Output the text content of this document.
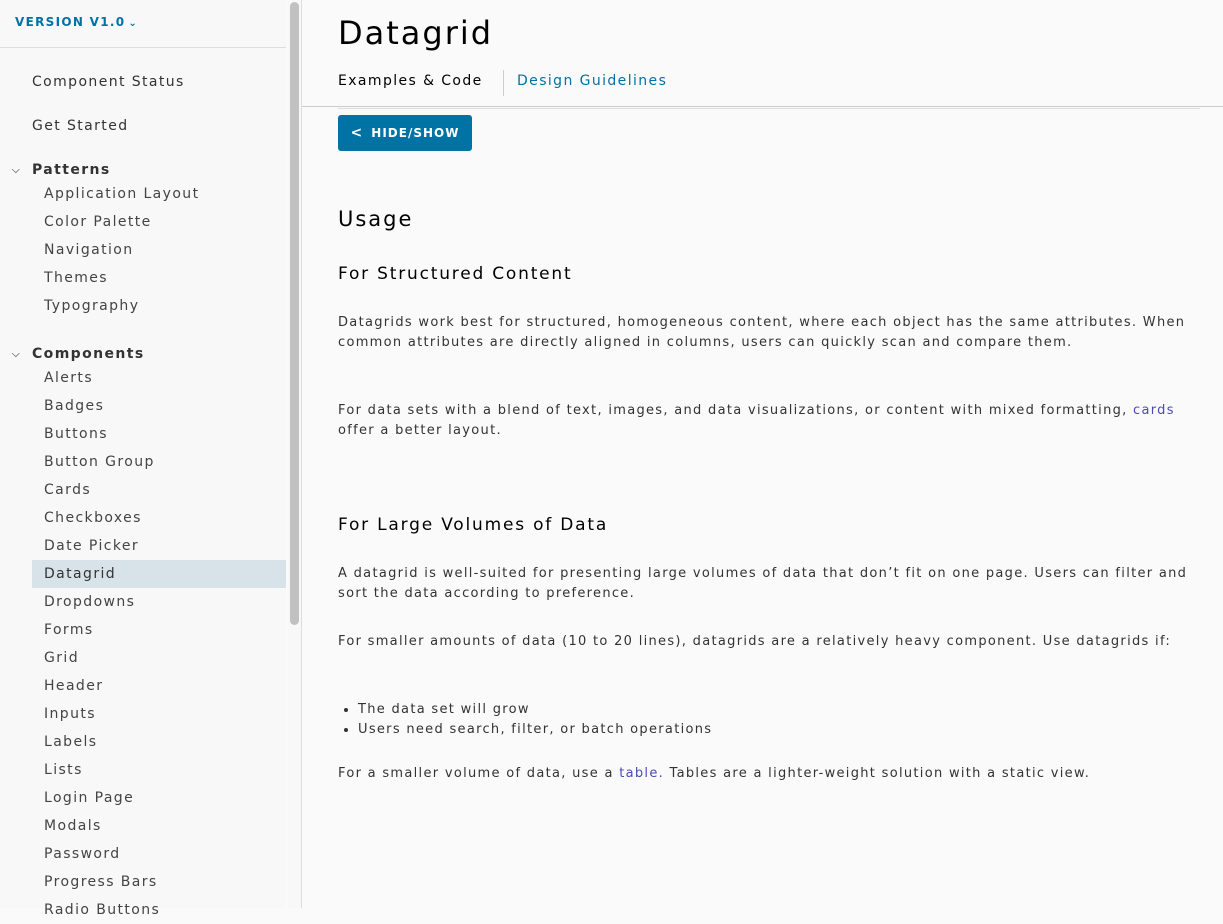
VERSION V1.0 ⌄
Component Status
Get Started
⌵ Patterns
Application Layout
Color Palette
Navigation
Themes
Typography
⌵ Components
Alerts
Badges
Buttons
Button Group
Cards
Checkboxes
Date Picker
Datagrid
Dropdowns
Forms
Grid
Header
Inputs
Labels
Lists
Login Page
Modals
Password
Progress Bars
Radio Buttons
Datagrid
Examples & Code Design Guidelines
< HIDE/SHOW
Usage
For Structured Content
Datagrids work best for structured, homogeneous content, where each object has the same attributes. When common attributes are directly aligned in columns, users can quickly scan and compare them.
For data sets with a blend of text, images, and data visualizations, or content with mixed formatting, cards offer a better layout.
For Large Volumes of Data
A datagrid is well-suited for presenting large volumes of data that don’t fit on one page. Users can filter and sort the data according to preference.
For smaller amounts of data (10 to 20 lines), datagrids are a relatively heavy component. Use datagrids if:
• The data set will grow
• Users need search, filter, or batch operations
For a smaller volume of data, use a table. Tables are a lighter-weight solution with a static view.
